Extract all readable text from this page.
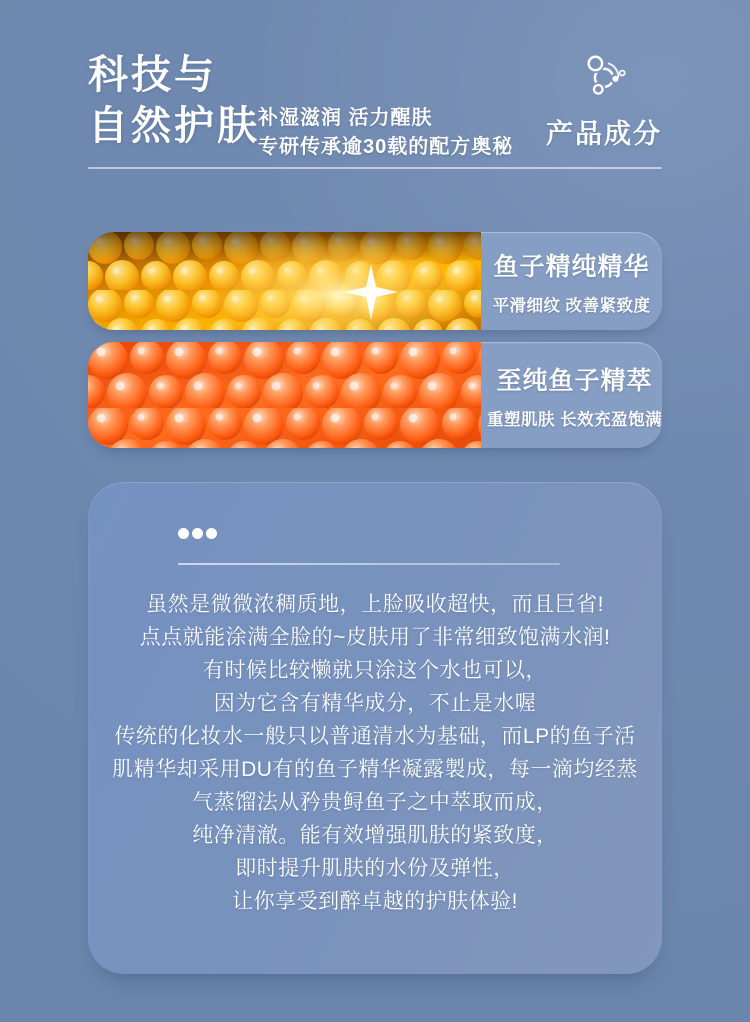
科技与
自然护肤
补湿滋润 活力醒肤
专研传承逾30载的配方奥秘 产品成分
鱼子精纯精华
平滑细纹 改善紧致度
至纯鱼子精萃
重塑肌肤 长效充盈饱满

虽然是微微浓稠质地，上脸吸收超快，而且巨省!

点点就能涂满全脸的~皮肤用了非常细致饱满水润!

有时候比较懒就只涂这个水也可以，

因为它含有精华成分，不止是水喔

传统的化妆水一般只以普通清水为基础，而LP的鱼子活

肌精华却采用DU有的鱼子精华凝露製成，每一滴均经蒸

气蒸馏法从矜贵鲟鱼子之中萃取而成，

纯净清澈。能有效增强肌肤的紧致度，

即时提升肌肤的水份及弹性，

让你享受到醉卓越的护肤体验!
